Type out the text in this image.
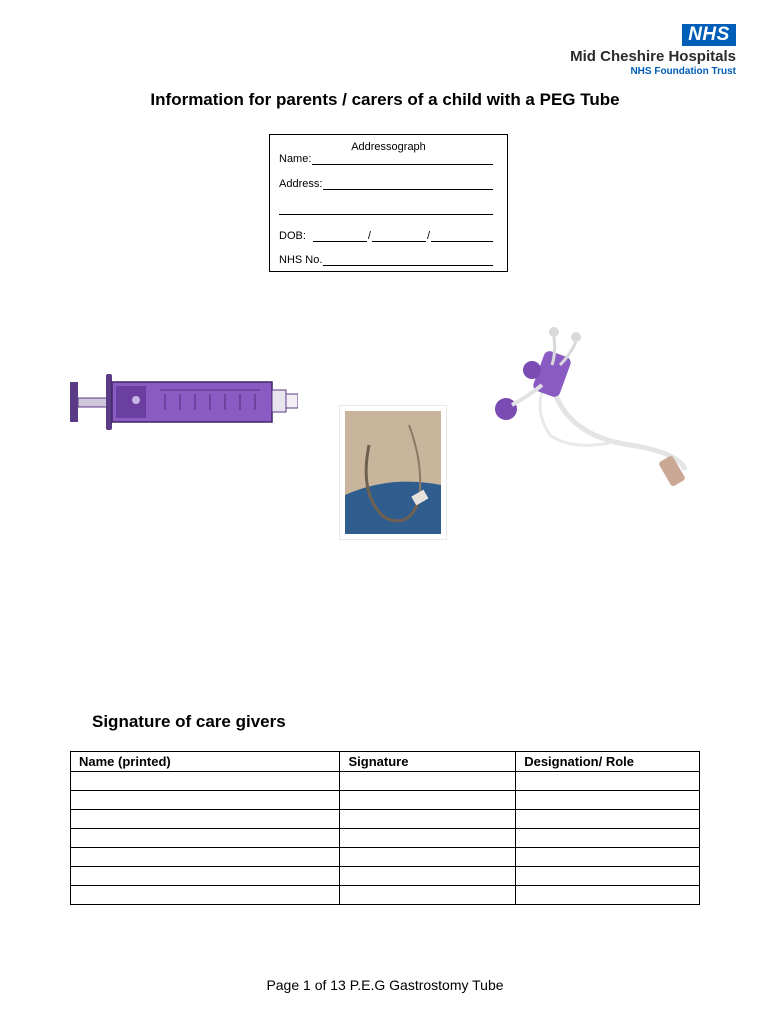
NHS
Mid Cheshire Hospitals
NHS Foundation Trust
Information for parents / carers of a child with a PEG Tube
Addressograph
Name:
Address:
DOB:	/	/
NHS No.
Signature of care givers
Name (printed)	Signature	Designation/ Role

Page 1 of 13 P.E.G Gastrostomy Tube
